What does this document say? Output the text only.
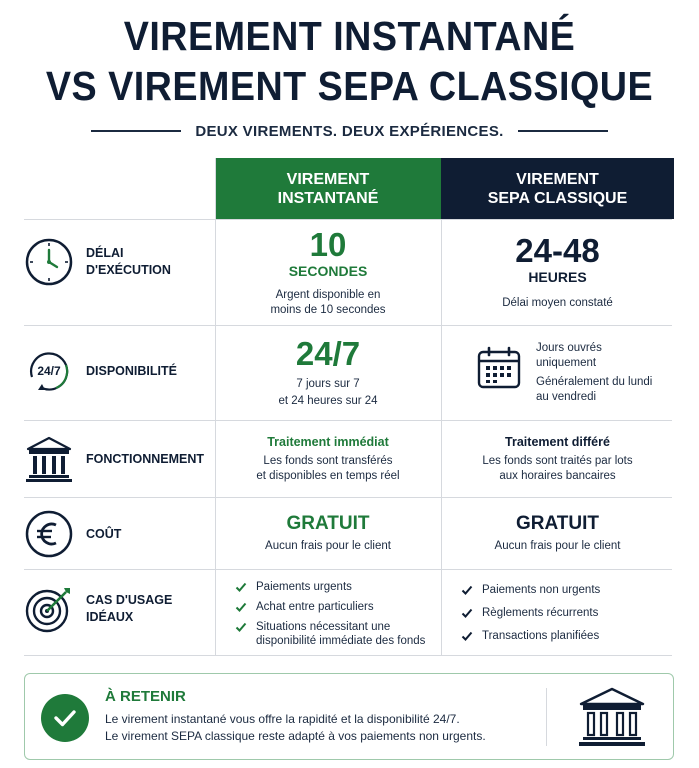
VIREMENT INSTANTANÉ
VS VIREMENT SEPA CLASSIQUE
DEUX VIREMENTS. DEUX EXPÉRIENCES.
VIREMENT
INSTANTANÉ
VIREMENT
SEPA CLASSIQUE
DÉLAI
D'EXÉCUTION
10
SECONDES
Argent disponible en
moins de 10 secondes
24-48
HEURES
Délai moyen constaté
24/7 DISPONIBILITÉ	24/7
7 jours sur 7
et 24 heures sur 24
Jours ouvrés
uniquement
Généralement du lundi
au vendredi
FONCTIONNEMENT
Traitement immédiat
Les fonds sont transférés
et disponibles en temps réel
Traitement différé
Les fonds sont traités par lots
aux horaires bancaires
COÛT	GRATUIT
Aucun frais pour le client
GRATUIT
Aucun frais pour le client
CAS D'USAGE
IDÉAUX
Paiements urgents
Achat entre particuliers
Situations nécessitant une disponibilité immédiate des fonds
Paiements non urgents
Règlements récurrents
Transactions planifiées
À RETENIR
Le virement instantané vous offre la rapidité et la disponibilité 24/7.
Le virement SEPA classique reste adapté à vos paiements non urgents.
